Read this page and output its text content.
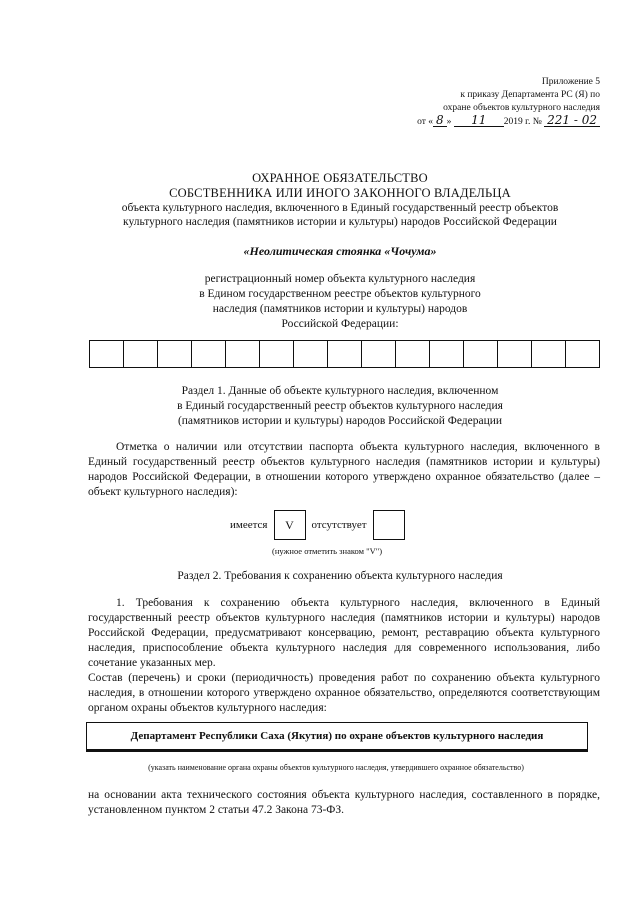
Приложение 5
к приказу Департамента РС (Я) по
охране объектов культурного наследия
от « 8 » 11 2019 г. № 221 - 02
ОХРАННОЕ ОБЯЗАТЕЛЬСТВО
СОБСТВЕННИКА ИЛИ ИНОГО ЗАКОННОГО ВЛАДЕЛЬЦА
объекта культурного наследия, включенного в Единый государственный реестр объектов
культурного наследия (памятников истории и культуры) народов Российской Федерации
«Неолитическая стоянка «Чочума»
регистрационный номер объекта культурного наследия
в Едином государственном реестре объектов культурного
наследия (памятников истории и культуры) народов
Российской Федерации:
Раздел 1. Данные об объекте культурного наследия, включенном
в Единый государственный реестр объектов культурного наследия
(памятников истории и культуры) народов Российской Федерации
Отметка о наличии или отсутствии паспорта объекта культурного наследия, включенного в Единый государственный реестр объектов культурного наследия (памятников истории и культуры) народов Российской Федерации, в отношении которого утверждено охранное обязательство (далее – объект культурного наследия):
имеется	V	отсутствует
(нужное отметить знаком "V")
Раздел 2. Требования к сохранению объекта культурного наследия
1. Требования к сохранению объекта культурного наследия, включенного в Единый государственный реестр объектов культурного наследия (памятников истории и культуры) народов Российской Федерации, предусматривают консервацию, ремонт, реставрацию объекта культурного наследия, приспособление объекта культурного наследия для современного использования, либо сочетание указанных мер.
Состав (перечень) и сроки (периодичность) проведения работ по сохранению объекта культурного наследия, в отношении которого утверждено охранное обязательство, определяются соответствующим органом охраны объектов культурного наследия:
Департамент Республики Саха (Якутия) по охране объектов культурного наследия
(указать наименование органа охраны объектов культурного наследия, утвердившего охранное обязательство)
на основании акта технического состояния объекта культурного наследия, составленного в порядке, установленном пунктом 2 статьи 47.2 Закона 73-ФЗ.
